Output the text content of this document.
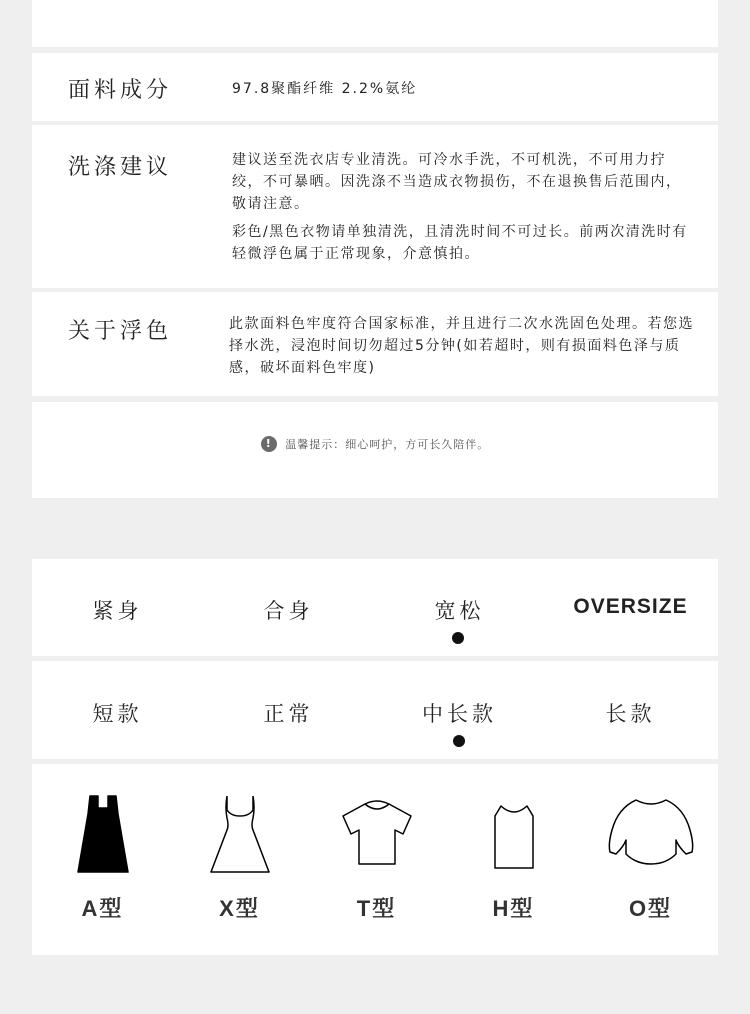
面料成分	97.8聚酯纤维 2.2%氨纶
洗涤建议	建议送至洗衣店专业清洗。可冷水手洗，不可机洗，不可用力拧绞，不可暴晒。因洗涤不当造成衣物损伤，不在退换售后范围内，敬请注意。
彩色/黑色衣物请单独清洗，且清洗时间不可过长。前两次清洗时有轻微浮色属于正常现象，介意慎拍。
关于浮色	此款面料色牢度符合国家标准，并且进行二次水洗固色处理。若您选择水洗，浸泡时间切勿超过5分钟(如若超时，则有损面料色泽与质感，破坏面料色牢度)
! 温馨提示：细心呵护，方可长久陪伴。
紧身	合身	宽松	OVERSIZE
短款	正常	中长款	长款
A型	X型	T型	H型	O型
